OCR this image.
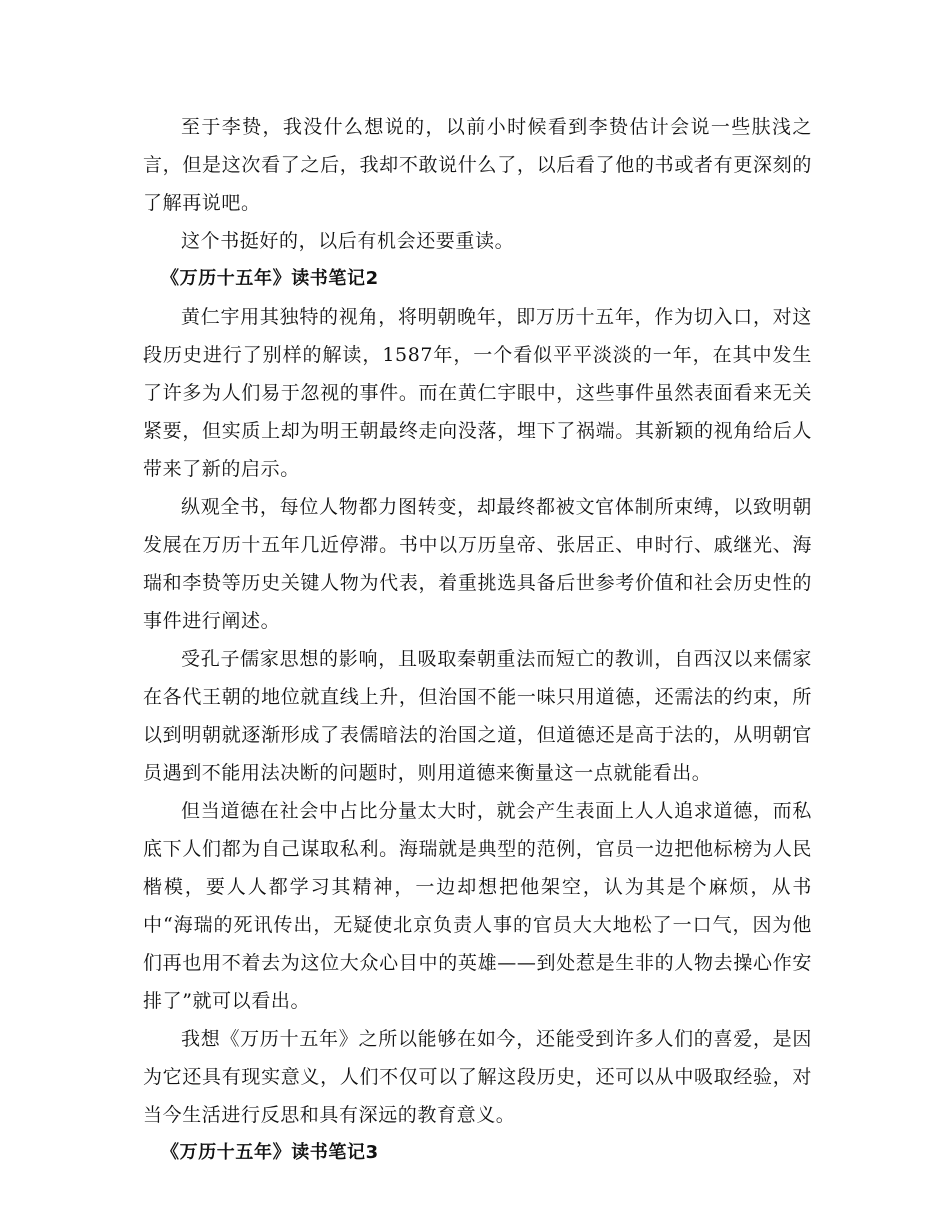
至于李贽，我没什么想说的，以前小时候看到李贽估计会说一些肤浅之言，但是这次看了之后，我却不敢说什么了，以后看了他的书或者有更深刻的了解再说吧。

这个书挺好的，以后有机会还要重读。

《万历十五年》读书笔记2

黄仁宇用其独特的视角，将明朝晚年，即万历十五年，作为切入口，对这段历史进行了别样的解读，1587年，一个看似平平淡淡的一年，在其中发生了许多为人们易于忽视的事件。而在黄仁宇眼中，这些事件虽然表面看来无关紧要，但实质上却为明王朝最终走向没落，埋下了祸端。其新颖的视角给后人带来了新的启示。

纵观全书，每位人物都力图转变，却最终都被文官体制所束缚，以致明朝发展在万历十五年几近停滞。书中以万历皇帝、张居正、申时行、戚继光、海瑞和李贽等历史关键人物为代表，着重挑选具备后世参考价值和社会历史性的事件进行阐述。

受孔子儒家思想的影响，且吸取秦朝重法而短亡的教训，自西汉以来儒家在各代王朝的地位就直线上升，但治国不能一味只用道德，还需法的约束，所以到明朝就逐渐形成了表儒暗法的治国之道，但道德还是高于法的，从明朝官员遇到不能用法决断的问题时，则用道德来衡量这一点就能看出。

但当道德在社会中占比分量太大时，就会产生表面上人人追求道德，而私底下人们都为自己谋取私利。海瑞就是典型的范例，官员一边把他标榜为人民楷模，要人人都学习其精神，一边却想把他架空，认为其是个麻烦，从书中“海瑞的死讯传出，无疑使北京负责人事的官员大大地松了一口气，因为他们再也用不着去为这位大众心目中的英雄——到处惹是生非的人物去操心作安排了”就可以看出。

我想《万历十五年》之所以能够在如今，还能受到许多人们的喜爱，是因为它还具有现实意义，人们不仅可以了解这段历史，还可以从中吸取经验，对当今生活进行反思和具有深远的教育意义。

《万历十五年》读书笔记3
